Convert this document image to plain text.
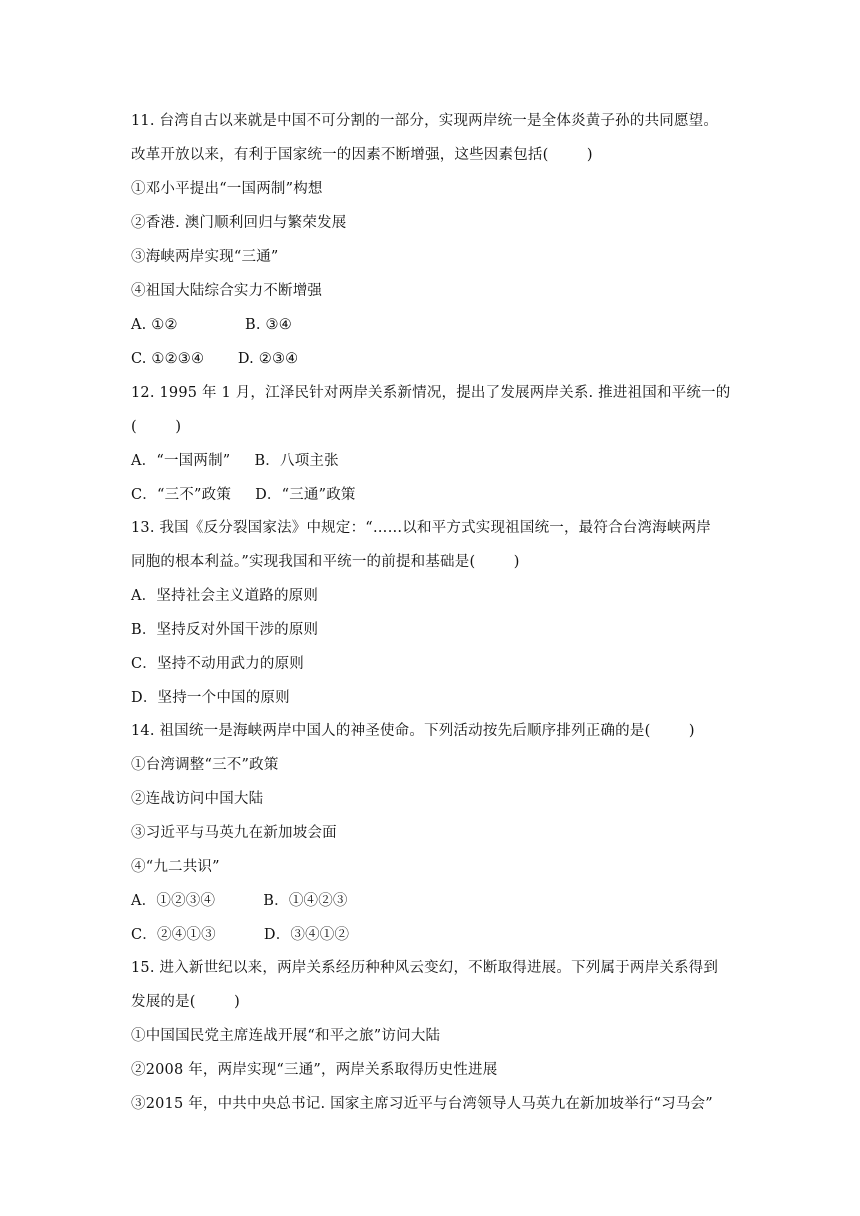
11. 台湾自古以来就是中国不可分割的一部分，实现两岸统一是全体炎黄子孙的共同愿望。
改革开放以来，有利于国家统一的因素不断增强，这些因素包括(        )
①邓小平提出“一国两制”构想
②香港. 澳门顺利回归与繁荣发展
③海峡两岸实现“三通”
④祖国大陆综合实力不断增强
A. ①②              B. ③④
C. ①②③④       D. ②③④
12. 1995 年 1 月，江泽民针对两岸关系新情况，提出了发展两岸关系. 推进祖国和平统一的
(        )
A．“一国两制”     B．八项主张
C．“三不”政策     D．“三通”政策
13. 我国《反分裂国家法》中规定：“……以和平方式实现祖国统一，最符合台湾海峡两岸
同胞的根本利益。”实现我国和平统一的前提和基础是(        )
A．坚持社会主义道路的原则
B．坚持反对外国干涉的原则
C．坚持不动用武力的原则
D．坚持一个中国的原则
14. 祖国统一是海峡两岸中国人的神圣使命。下列活动按先后顺序排列正确的是(        )
①台湾调整“三不”政策
②连战访问中国大陆
③习近平与马英九在新加坡会面
④“九二共识”
A．①②③④          B．①④②③
C．②④①③          D．③④①②
15. 进入新世纪以来，两岸关系经历种种风云变幻，不断取得进展。下列属于两岸关系得到
发展的是(        )
①中国国民党主席连战开展“和平之旅”访问大陆
②2008 年，两岸实现“三通”，两岸关系取得历史性进展
③2015 年，中共中央总书记. 国家主席习近平与台湾领导人马英九在新加坡举行“习马会”
